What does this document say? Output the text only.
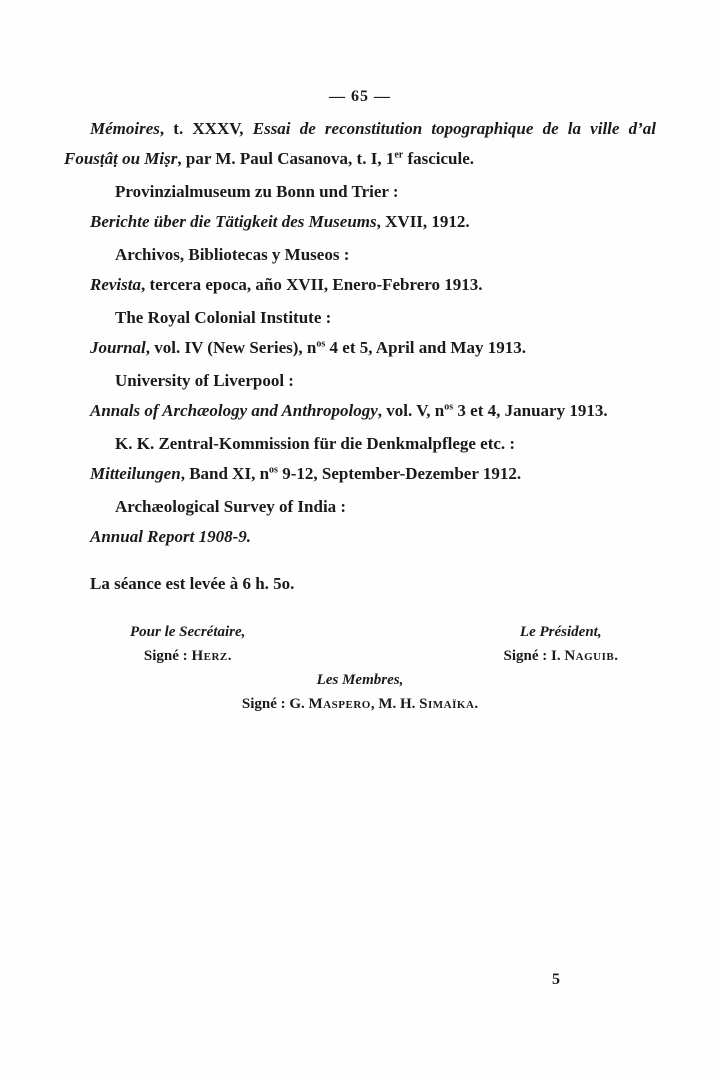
— 65 —

Mémoires, t. XXXV, Essai de reconstitution topographique de la ville d’al Fousṭâṭ ou Miṣr, par M. Paul Casanova, t. I, 1er fascicule.

Provinzialmuseum zu Bonn und Trier :

Berichte über die Tätigkeit des Museums, XVII, 1912.

Archivos, Bibliotecas y Museos :

Revista, tercera epoca, año XVII, Enero-Febrero 1913.

The Royal Colonial Institute :

Journal, vol. IV (New Series), $n^{os}$ 4 et 5, April and May 1913.

University of Liverpool :

Annals of Archæology and Anthropology, vol. V, $n^{os}$ 3 et 4, January 1913.

K. K. Zentral-Kommission für die Denkmalpflege etc. :

Mitteilungen, Band XI, $n^{os}$ 9-12, September-Dezember 1912.

Archæological Survey of India :

Annual Report 1908-9.

La séance est levée à 6 h. 5o.

Pour le Secrétaire,

Signé : Herz.

Le Président,

Signé : I. Naguib.

Les Membres,

Signé : G. Maspero, M. H. Simaïka.

5
